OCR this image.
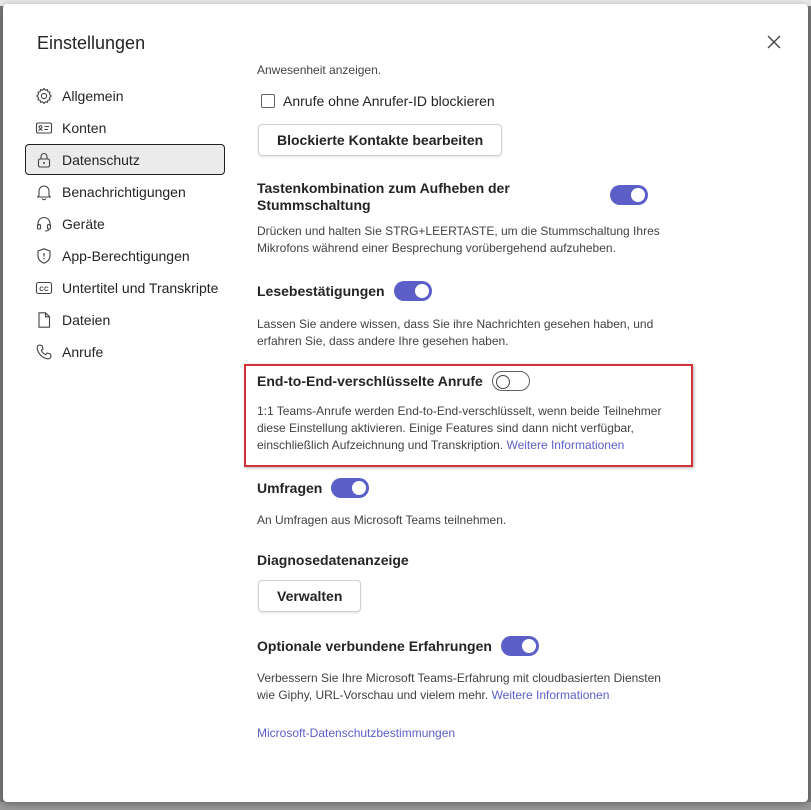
Einstellungen
Allgemein
Konten
Datenschutz
Benachrichtigungen
Geräte
App-Berechtigungen
CC Untertitel und Transkripte
Dateien
Anrufe
Anwesenheit anzeigen.
Anrufe ohne Anrufer-ID blockieren
Blockierte Kontakte bearbeiten
Tastenkombination zum Aufheben der Stummschaltung
Drücken und halten Sie STRG+LEERTASTE, um die Stummschaltung Ihres Mikrofons während einer Besprechung vorübergehend aufzuheben.
Lesebestätigungen
Lassen Sie andere wissen, dass Sie ihre Nachrichten gesehen haben, und erfahren Sie, dass andere Ihre gesehen haben.
End-to-End-verschlüsselte Anrufe
1:1 Teams-Anrufe werden End-to-End-verschlüsselt, wenn beide Teilnehmer diese Einstellung aktivieren. Einige Features sind dann nicht verfügbar, einschließlich Aufzeichnung und Transkription. Weitere Informationen
Umfragen
An Umfragen aus Microsoft Teams teilnehmen.
Diagnosedatenanzeige
Verwalten
Optionale verbundene Erfahrungen
Verbessern Sie Ihre Microsoft Teams-Erfahrung mit cloudbasierten Diensten wie Giphy, URL-Vorschau und vielem mehr. Weitere Informationen
Microsoft-Datenschutzbestimmungen
